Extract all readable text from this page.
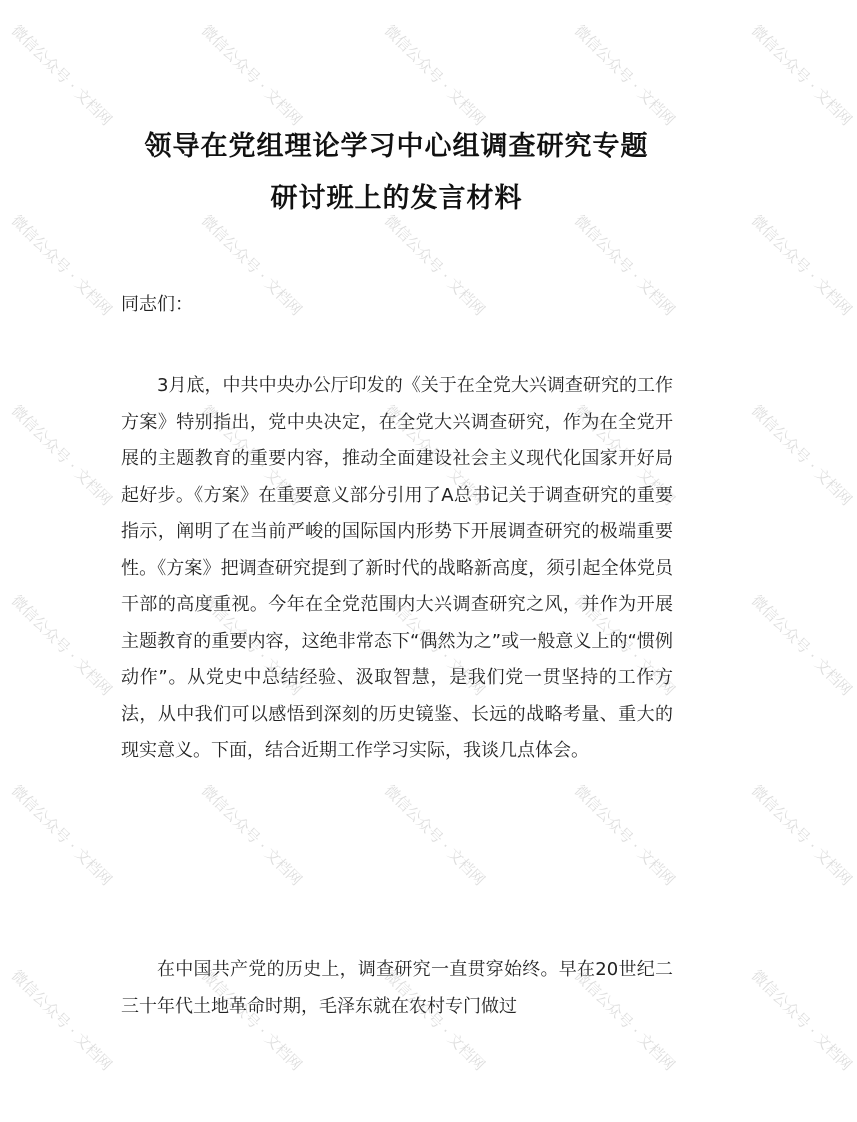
领导在党组理论学习中心组调查研究专题
研讨班上的发言材料
同志们：

3月底，中共中央办公厅印发的《关于在全党大兴调查研究的工作方案》特别指出，党中央决定，在全党大兴调查研究，作为在全党开展的主题教育的重要内容，推动全面建设社会主义现代化国家开好局起好步。《方案》在重要意义部分引用了A总书记关于调查研究的重要指示，阐明了在当前严峻的国际国内形势下开展调查研究的极端重要性。《方案》把调查研究提到了新时代的战略新高度，须引起全体党员干部的高度重视。今年在全党范围内大兴调查研究之风，并作为开展主题教育的重要内容，这绝非常态下“偶然为之”或一般意义上的“惯例动作”。从党史中总结经验、汲取智慧，是我们党一贯坚持的工作方法，从中我们可以感悟到深刻的历史镜鉴、长远的战略考量、重大的现实意义。下面，结合近期工作学习实际，我谈几点体会。

在中国共产党的历史上，调查研究一直贯穿始终。早在20世纪二三十年代土地革命时期，毛泽东就在农村专门做过

微信公众号 · 文档网
微信公众号 · 文档网
微信公众号 · 文档网
微信公众号 · 文档网
微信公众号 · 文档网
微信公众号 · 文档网
微信公众号 · 文档网
微信公众号 · 文档网
微信公众号 · 文档网
微信公众号 · 文档网
微信公众号 · 文档网
微信公众号 · 文档网
微信公众号 · 文档网
微信公众号 · 文档网
微信公众号 · 文档网
微信公众号 · 文档网
微信公众号 · 文档网
微信公众号 · 文档网
微信公众号 · 文档网
微信公众号 · 文档网
微信公众号 · 文档网
微信公众号 · 文档网
微信公众号 · 文档网
微信公众号 · 文档网
微信公众号 · 文档网
微信公众号 · 文档网
微信公众号 · 文档网
微信公众号 · 文档网
微信公众号 · 文档网
微信公众号 · 文档网
